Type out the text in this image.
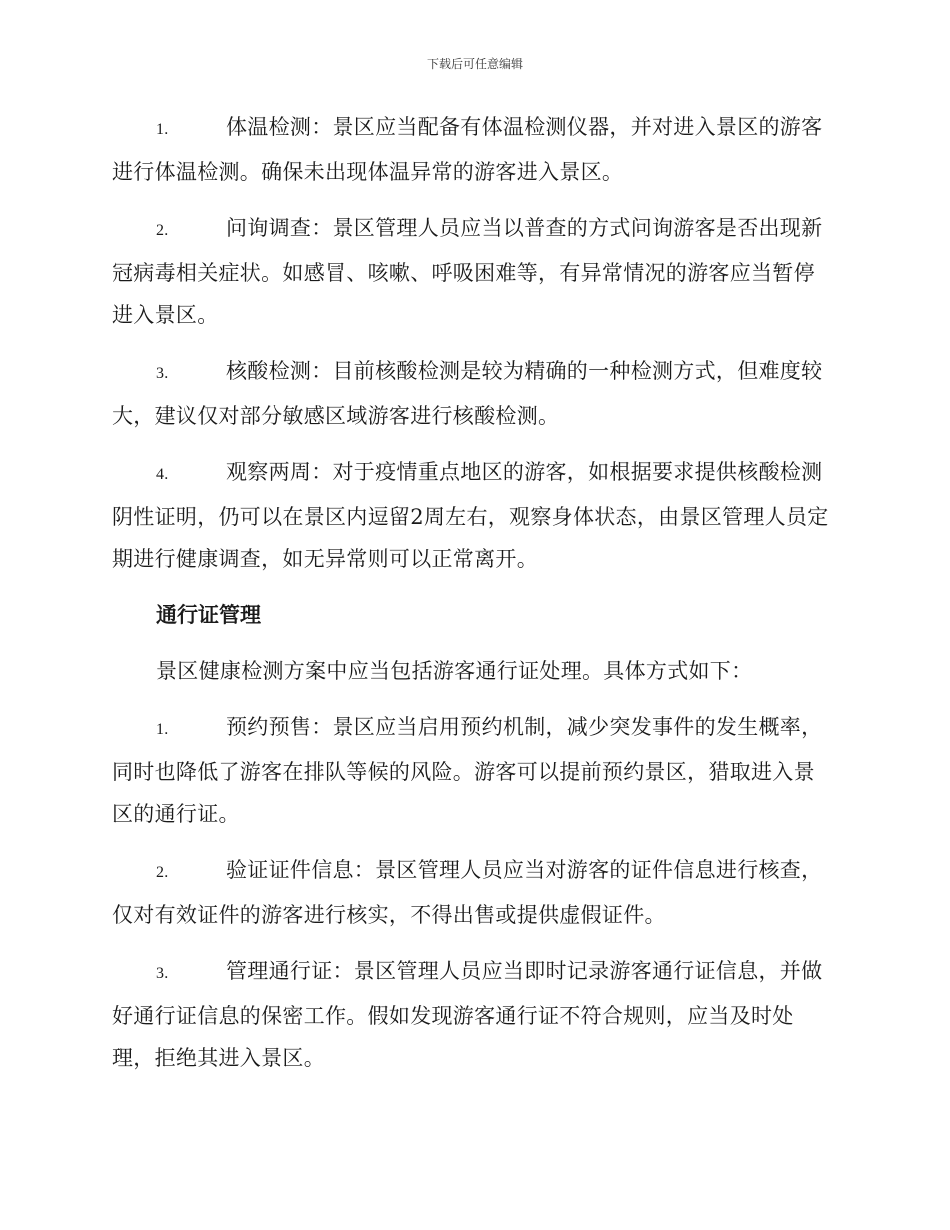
下载后可任意编辑

1.	体温检测：景区应当配备有体温检测仪器，并对进入景区的游客进行体温检测。确保未出现体温异常的游客进入景区。

2.	问询调查：景区管理人员应当以普查的方式问询游客是否出现新冠病毒相关症状。如感冒、咳嗽、呼吸困难等，有异常情况的游客应当暂停进入景区。

3.	核酸检测：目前核酸检测是较为精确的一种检测方式，但难度较大，建议仅对部分敏感区域游客进行核酸检测。

4.	观察两周：对于疫情重点地区的游客，如根据要求提供核酸检测阴性证明，仍可以在景区内逗留2周左右，观察身体状态，由景区管理人员定期进行健康调查，如无异常则可以正常离开。

通行证管理

景区健康检测方案中应当包括游客通行证处理。具体方式如下：

1.	预约预售：景区应当启用预约机制，减少突发事件的发生概率，同时也降低了游客在排队等候的风险。游客可以提前预约景区，猎取进入景区的通行证。

2.	验证证件信息：景区管理人员应当对游客的证件信息进行核查，仅对有效证件的游客进行核实，不得出售或提供虚假证件。

3.	管理通行证：景区管理人员应当即时记录游客通行证信息，并做好通行证信息的保密工作。假如发现游客通行证不符合规则，应当及时处理，拒绝其进入景区。
